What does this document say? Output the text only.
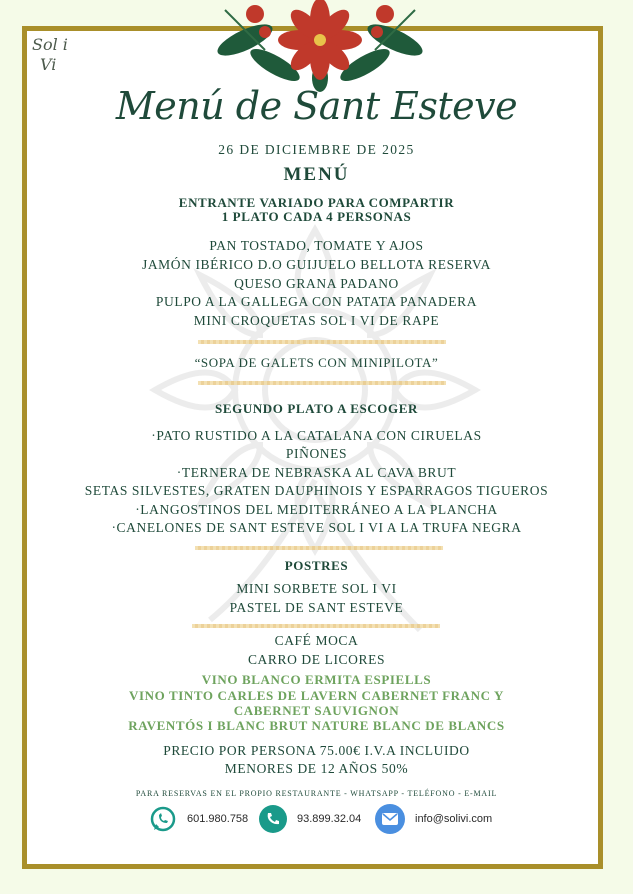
Sol i
Vi
Menú de Sant Esteve
26 DE DICIEMBRE DE 2025
MENÚ
ENTRANTE VARIADO PARA COMPARTIR
1 PLATO CADA 4 PERSONAS
PAN TOSTADO, TOMATE Y AJOS
JAMÓN IBÉRICO D.O GUIJUELO BELLOTA RESERVA
QUESO GRANA PADANO
PULPO A LA GALLEGA CON PATATA PANADERA
MINI CROQUETAS SOL I VI DE RAPE
“SOPA DE GALETS CON MINIPILOTA”
SEGUNDO PLATO A ESCOGER
·PATO RUSTIDO A LA CATALANA CON CIRUELAS
PIÑONES
·TERNERA DE NEBRASKA AL CAVA BRUT
SETAS SILVESTES, GRATEN DAUPHINOIS Y ESPARRAGOS TIGUEROS
·LANGOSTINOS DEL MEDITERRÁNEO A LA PLANCHA
·CANELONES DE SANT ESTEVE SOL I VI A LA TRUFA NEGRA
POSTRES
MINI SORBETE SOL I VI
PASTEL DE SANT ESTEVE
CAFÉ MOCA
CARRO DE LICORES
VINO BLANCO ERMITA ESPIELLS
VINO TINTO CARLES DE LAVERN CABERNET FRANC Y
CABERNET SAUVIGNON
RAVENTÓS I BLANC BRUT NATURE BLANC DE BLANCS
PRECIO POR PERSONA 75.00€ I.V.A INCLUIDO
MENORES DE 12 AÑOS 50%
PARA RESERVAS EN EL PROPIO RESTAURANTE - WHATSAPP - TELÉFONO - E-MAIL
601.980.758	93.899.32.04	info@solivi.com
